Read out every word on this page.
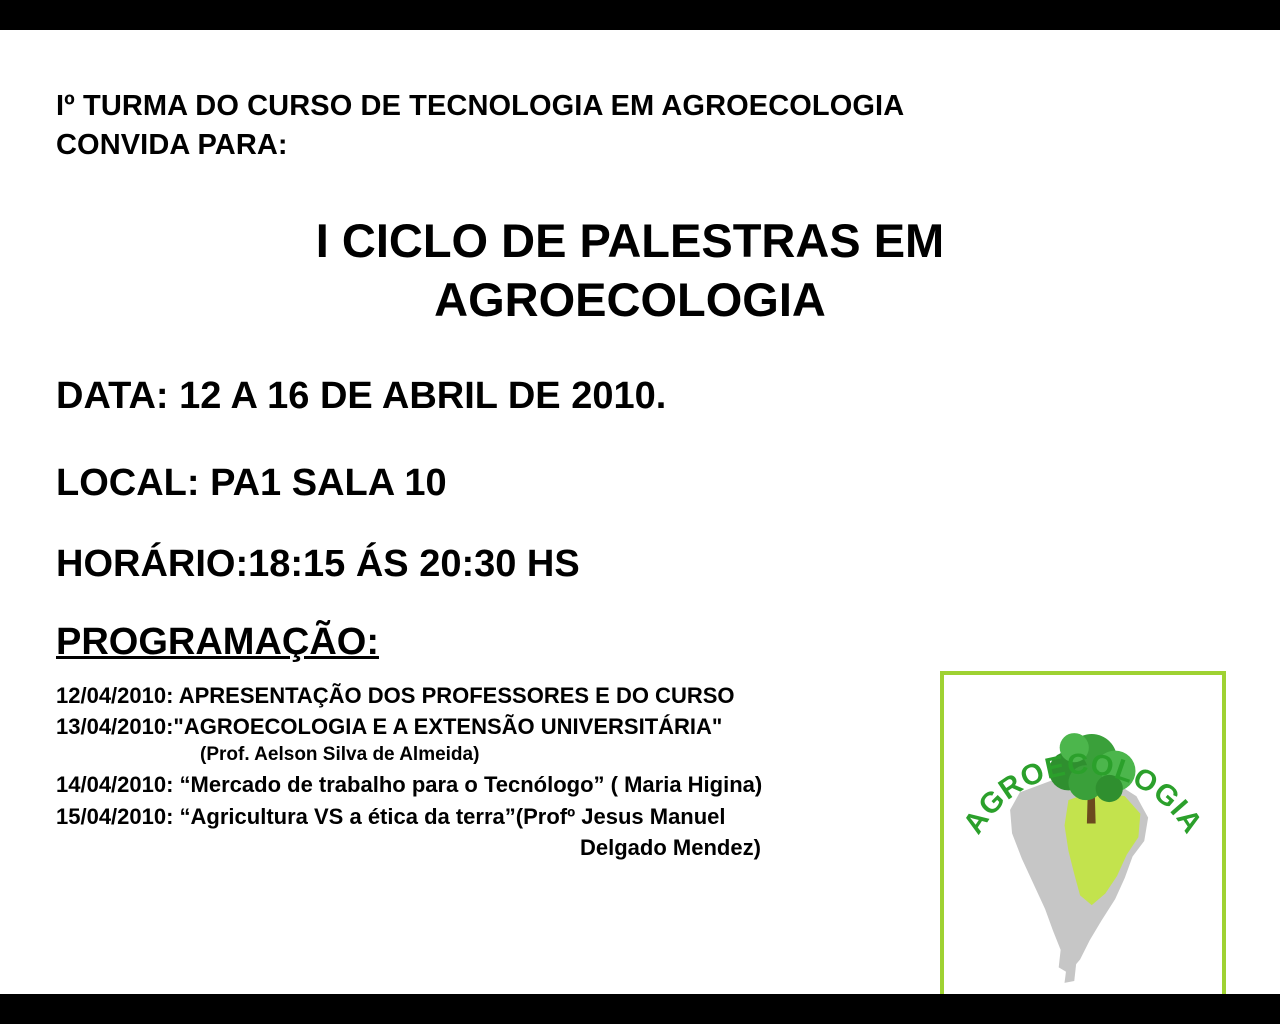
Iº TURMA DO CURSO DE TECNOLOGIA EM AGROECOLOGIA
CONVIDA PARA:
I CICLO DE PALESTRAS EM AGROECOLOGIA
DATA: 12 A 16 DE ABRIL DE 2010.
LOCAL: PA1 SALA 10
HORÁRIO:18:15 ÁS 20:30 HS
PROGRAMAÇÃO:
12/04/2010: APRESENTAÇÃO DOS PROFESSORES E DO CURSO
13/04/2010:"AGROECOLOGIA E A EXTENSÃO UNIVERSITÁRIA"
(Prof. Aelson Silva de Almeida)
14/04/2010: “Mercado de trabalho para o Tecnólogo” ( Maria Higina)
15/04/2010: “Agricultura VS a ética da terra”(Profº Jesus Manuel
Delgado Mendez)
AGROECOLOGIA
